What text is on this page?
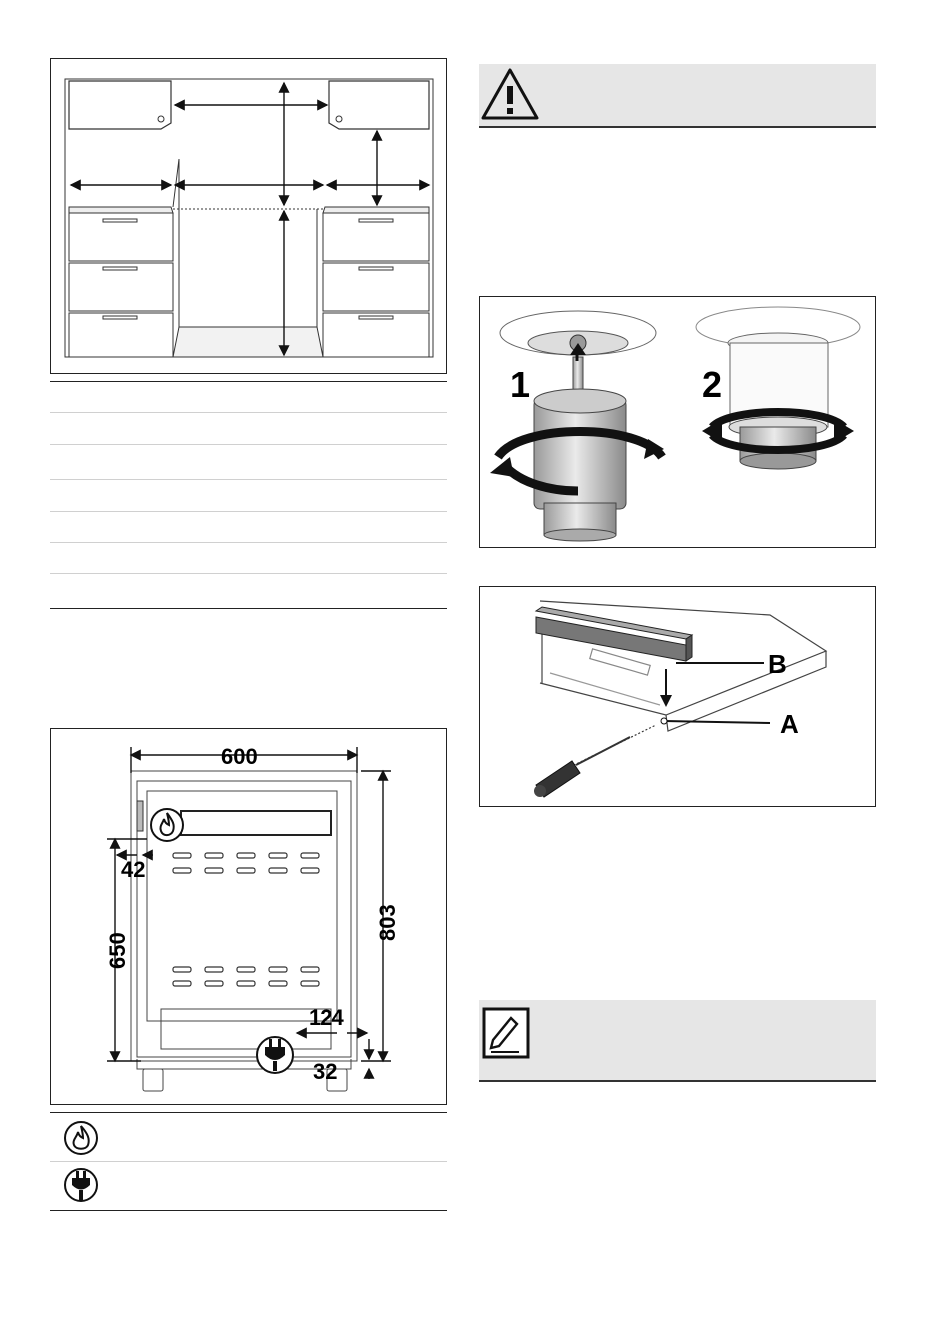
600
803
650
42
124
32
1	2
B
A
